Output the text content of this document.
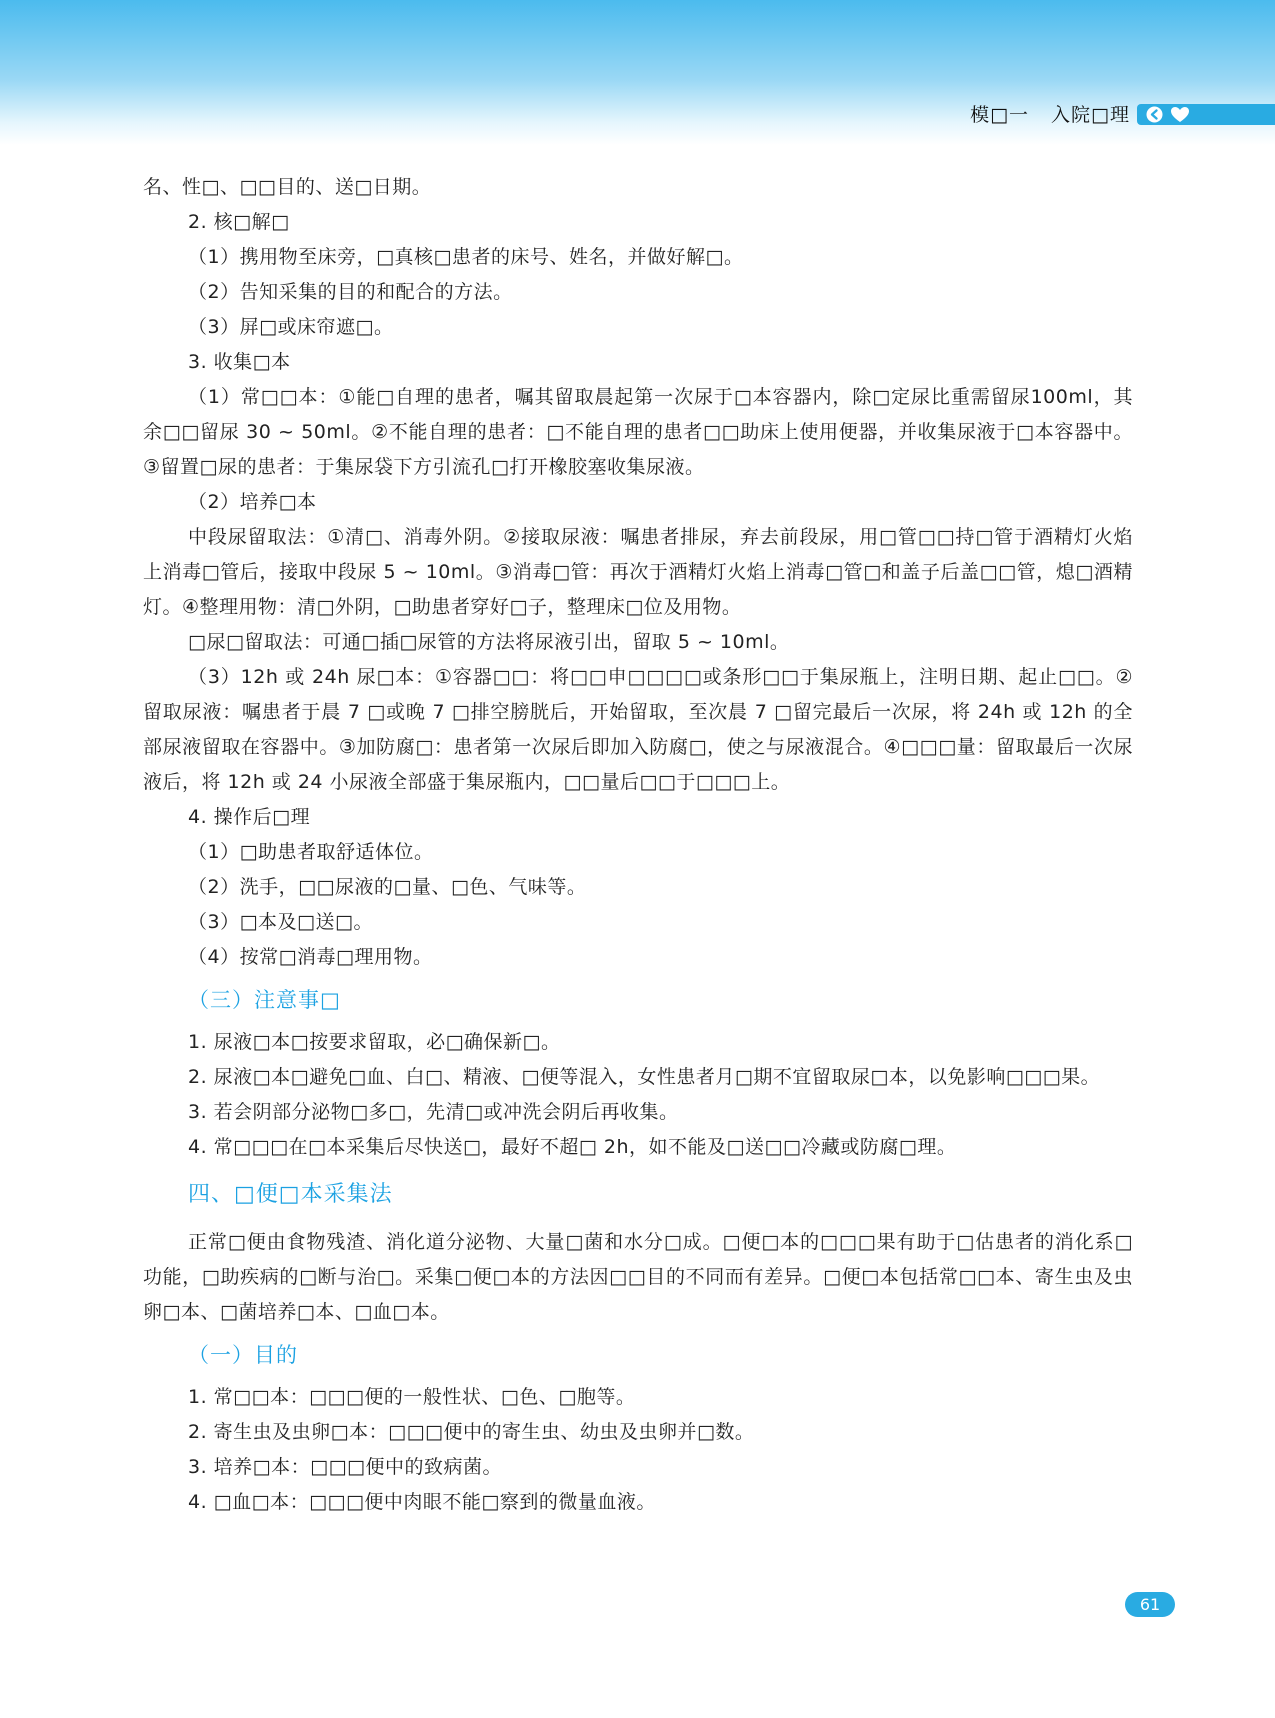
模□一 入院□理

名、性□、□□目的、送□日期。

2. 核□解□

（1）携用物至床旁，□真核□患者的床号、姓名，并做好解□。

（2）告知采集的目的和配合的方法。

（3）屏□或床帘遮□。

3. 收集□本

（1）常□□本：①能□自理的患者，嘱其留取晨起第一次尿于□本容器内，除□定尿比重需留尿100ml，其余□□留尿 30 ~ 50ml。②不能自理的患者：□不能自理的患者□□助床上使用便器，并收集尿液于□本容器中。③留置□尿的患者：于集尿袋下方引流孔□打开橡胶塞收集尿液。

（2）培养□本

中段尿留取法：①清□、消毒外阴。②接取尿液：嘱患者排尿，弃去前段尿，用□管□□持□管于酒精灯火焰上消毒□管后，接取中段尿 5 ~ 10ml。③消毒□管：再次于酒精灯火焰上消毒□管□和盖子后盖□□管，熄□酒精灯。④整理用物：清□外阴，□助患者穿好□子，整理床□位及用物。

□尿□留取法：可通□插□尿管的方法将尿液引出，留取 5 ~ 10ml。

（3）12h 或 24h 尿□本：①容器□□：将□□申□□□□或条形□□于集尿瓶上，注明日期、起止□□。②留取尿液：嘱患者于晨 7 □或晚 7 □排空膀胱后，开始留取，至次晨 7 □留完最后一次尿，将 24h 或 12h 的全部尿液留取在容器中。③加防腐□：患者第一次尿后即加入防腐□，使之与尿液混合。④□□□量：留取最后一次尿液后，将 12h 或 24 小尿液全部盛于集尿瓶内，□□量后□□于□□□上。

4. 操作后□理

（1）□助患者取舒适体位。

（2）洗手，□□尿液的□量、□色、气味等。

（3）□本及□送□。

（4）按常□消毒□理用物。

（三）注意事□

1. 尿液□本□按要求留取，必□确保新□。

2. 尿液□本□避免□血、白□、精液、□便等混入，女性患者月□期不宜留取尿□本，以免影响□□□果。

3. 若会阴部分泌物□多□，先清□或冲洗会阴后再收集。

4. 常□□□在□本采集后尽快送□，最好不超□ 2h，如不能及□送□□冷藏或防腐□理。

四、□便□本采集法

正常□便由食物残渣、消化道分泌物、大量□菌和水分□成。□便□本的□□□果有助于□估患者的消化系□功能，□助疾病的□断与治□。采集□便□本的方法因□□目的不同而有差异。□便□本包括常□□本、寄生虫及虫卵□本、□菌培养□本、□血□本。

（一）目的

1. 常□□本：□□□便的一般性状、□色、□胞等。

2. 寄生虫及虫卵□本：□□□便中的寄生虫、幼虫及虫卵并□数。

3. 培养□本：□□□便中的致病菌。

4. □血□本：□□□便中肉眼不能□察到的微量血液。

61
